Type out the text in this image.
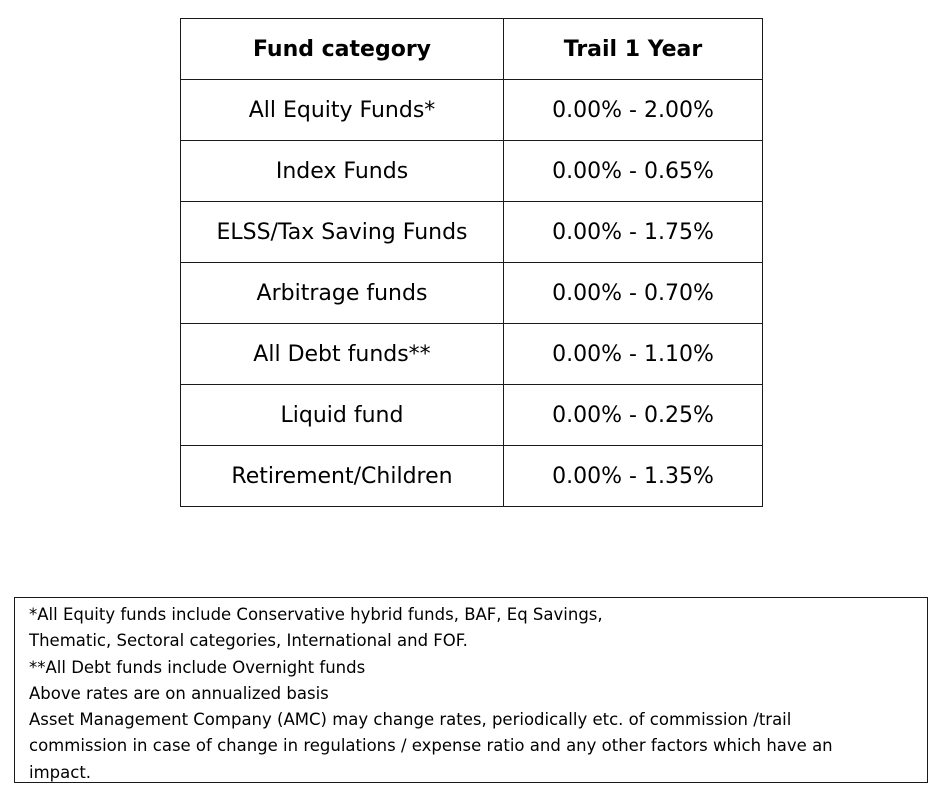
Fund category	Trail 1 Year
All Equity Funds*	0.00% - 2.00%
Index Funds	0.00% - 0.65%
ELSS/Tax Saving Funds	0.00% - 1.75%
Arbitrage funds	0.00% - 0.70%
All Debt funds**	0.00% - 1.10%
Liquid fund	0.00% - 0.25%
Retirement/Children	0.00% - 1.35%
*All Equity funds include Conservative hybrid funds, BAF, Eq Savings,
Thematic, Sectoral categories, International and FOF.
**All Debt funds include Overnight funds
Above rates are on annualized basis
Asset Management Company (AMC) may change rates, periodically etc. of commission /trail
commission in case of change in regulations / expense ratio and any other factors which have an
impact.
